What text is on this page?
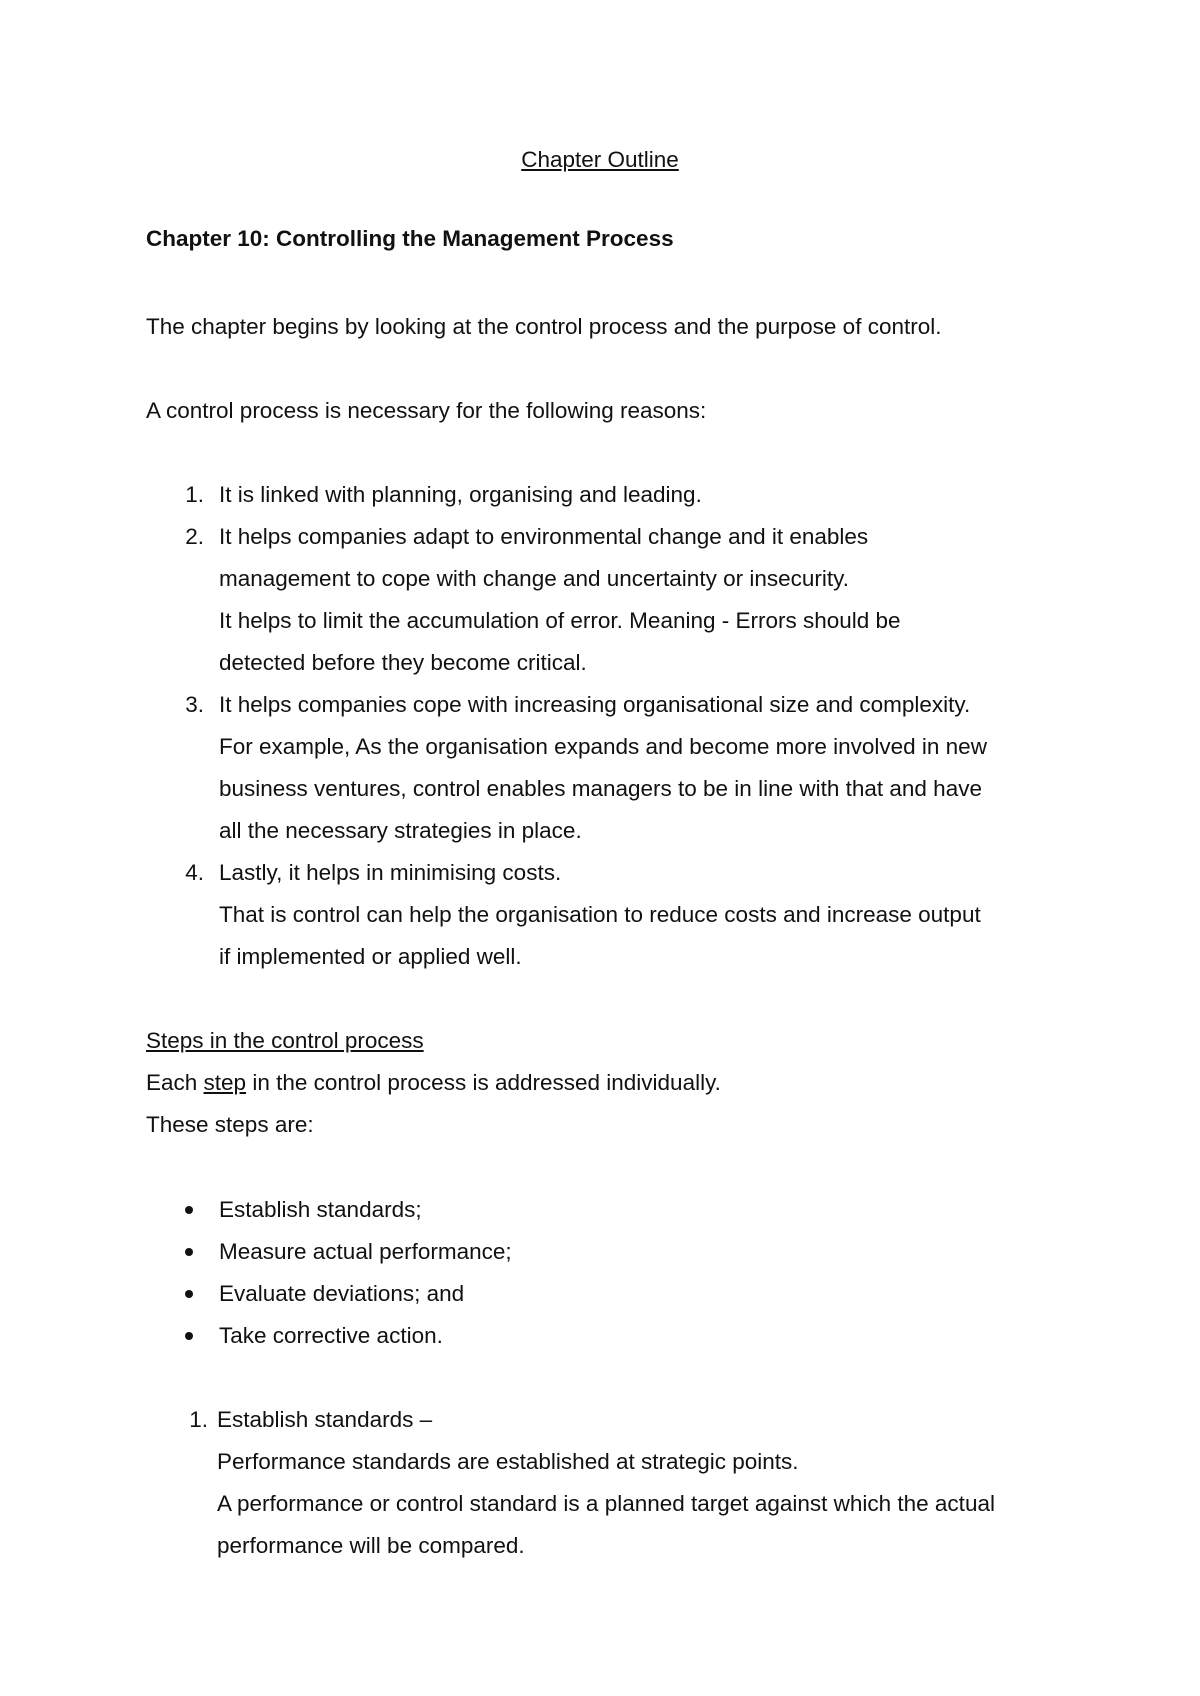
Chapter Outline
Chapter 10: Controlling the Management Process
The chapter begins by looking at the control process and the purpose of control.
A control process is necessary for the following reasons:
1. It is linked with planning, organising and leading.
2. It helps companies adapt to environmental change and it enables
management to cope with change and uncertainty or insecurity.
It helps to limit the accumulation of error. Meaning - Errors should be
detected before they become critical.
3. It helps companies cope with increasing organisational size and complexity.
For example, As the organisation expands and become more involved in new
business ventures, control enables managers to be in line with that and have
all the necessary strategies in place.
4. Lastly, it helps in minimising costs.
That is control can help the organisation to reduce costs and increase output
if implemented or applied well.
Steps in the control process
Each step in the control process is addressed individually.
These steps are:
Establish standards;
Measure actual performance;
Evaluate deviations; and
Take corrective action.
1. Establish standards –
Performance standards are established at strategic points.
A performance or control standard is a planned target against which the actual
performance will be compared.
